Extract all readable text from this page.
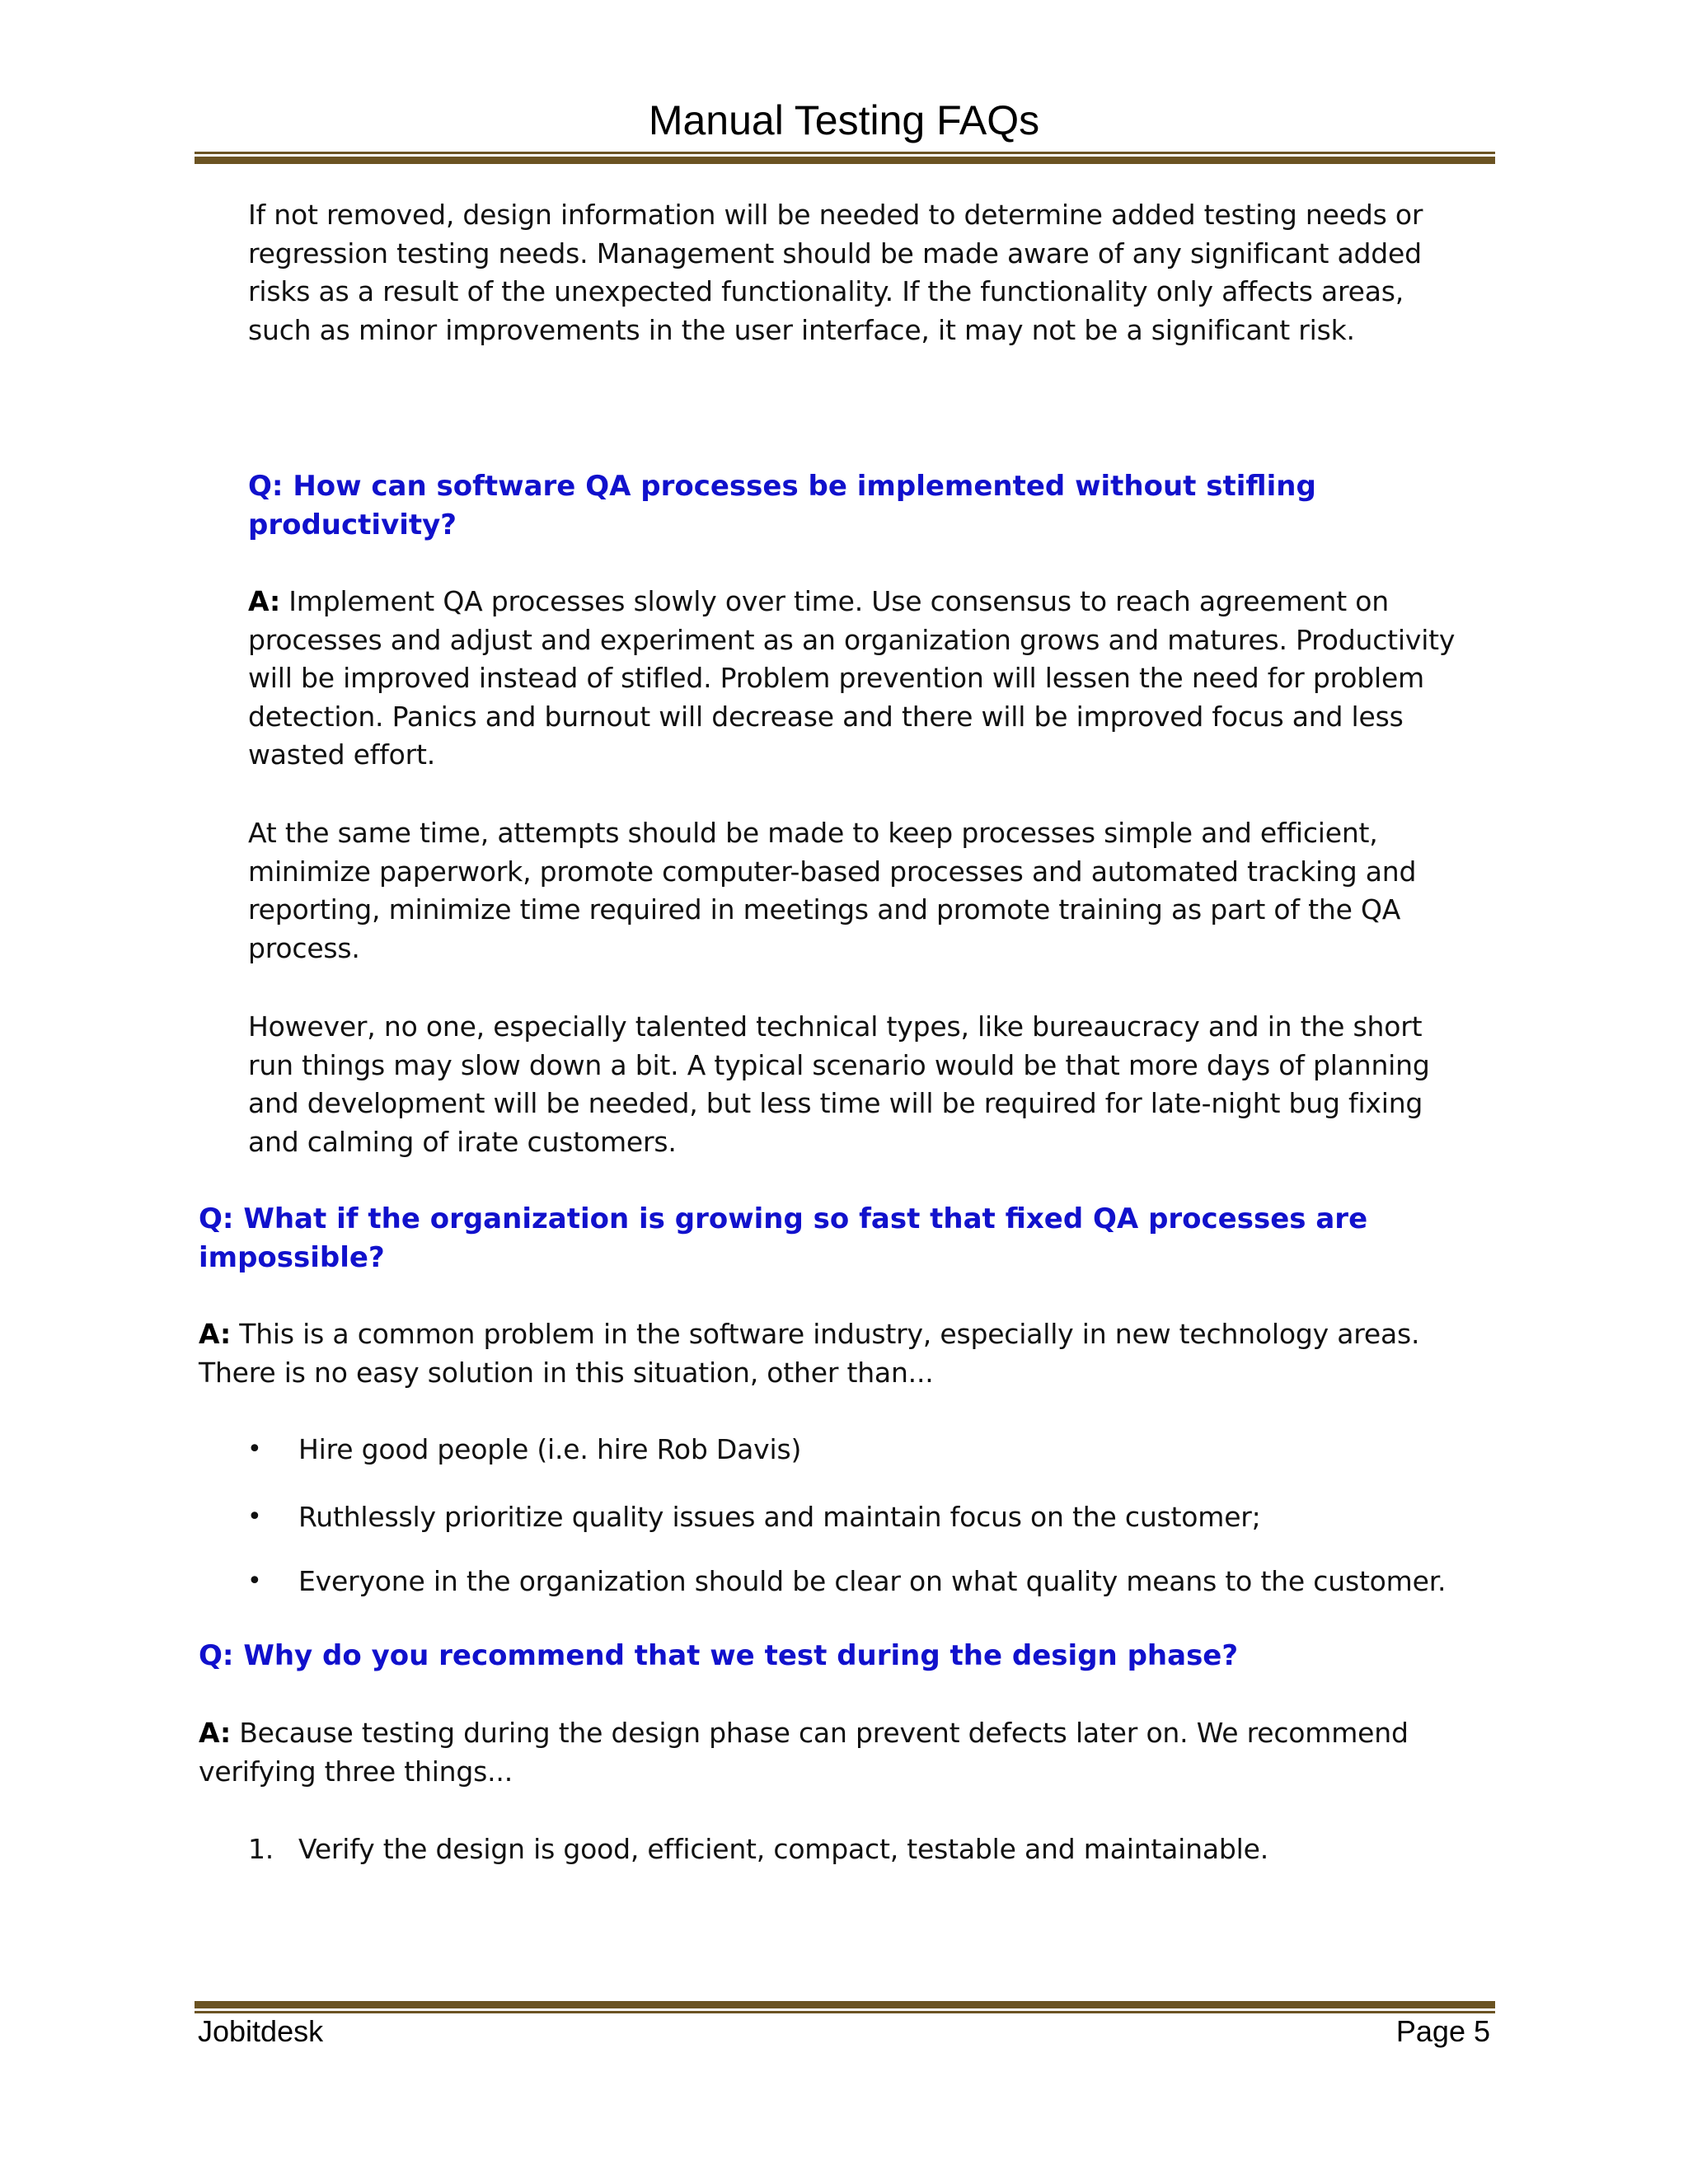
Manual Testing FAQs
If not removed, design information will be needed to determine added testing needs or regression testing needs. Management should be made aware of any significant added risks as a result of the unexpected functionality. If the functionality only affects areas, such as minor improvements in the user interface, it may not be a significant risk.
Q: How can software QA processes be implemented without stifling productivity?
A: Implement QA processes slowly over time. Use consensus to reach agreement on processes and adjust and experiment as an organization grows and matures. Productivity will be improved instead of stifled. Problem prevention will lessen the need for problem detection. Panics and burnout will decrease and there will be improved focus and less wasted effort.
At the same time, attempts should be made to keep processes simple and efficient, minimize paperwork, promote computer-based processes and automated tracking and reporting, minimize time required in meetings and promote training as part of the QA process.
However, no one, especially talented technical types, like bureaucracy and in the short run things may slow down a bit. A typical scenario would be that more days of planning and development will be needed, but less time will be required for late-night bug fixing and calming of irate customers.
Q: What if the organization is growing so fast that fixed QA processes are impossible?
A: This is a common problem in the software industry, especially in new technology areas. There is no easy solution in this situation, other than...
• Hire good people (i.e. hire Rob Davis)
• Ruthlessly prioritize quality issues and maintain focus on the customer;
• Everyone in the organization should be clear on what quality means to the customer.
Q: Why do you recommend that we test during the design phase?
A: Because testing during the design phase can prevent defects later on. We recommend verifying three things...
1. Verify the design is good, efficient, compact, testable and maintainable.
Jobitdesk	Page 5
